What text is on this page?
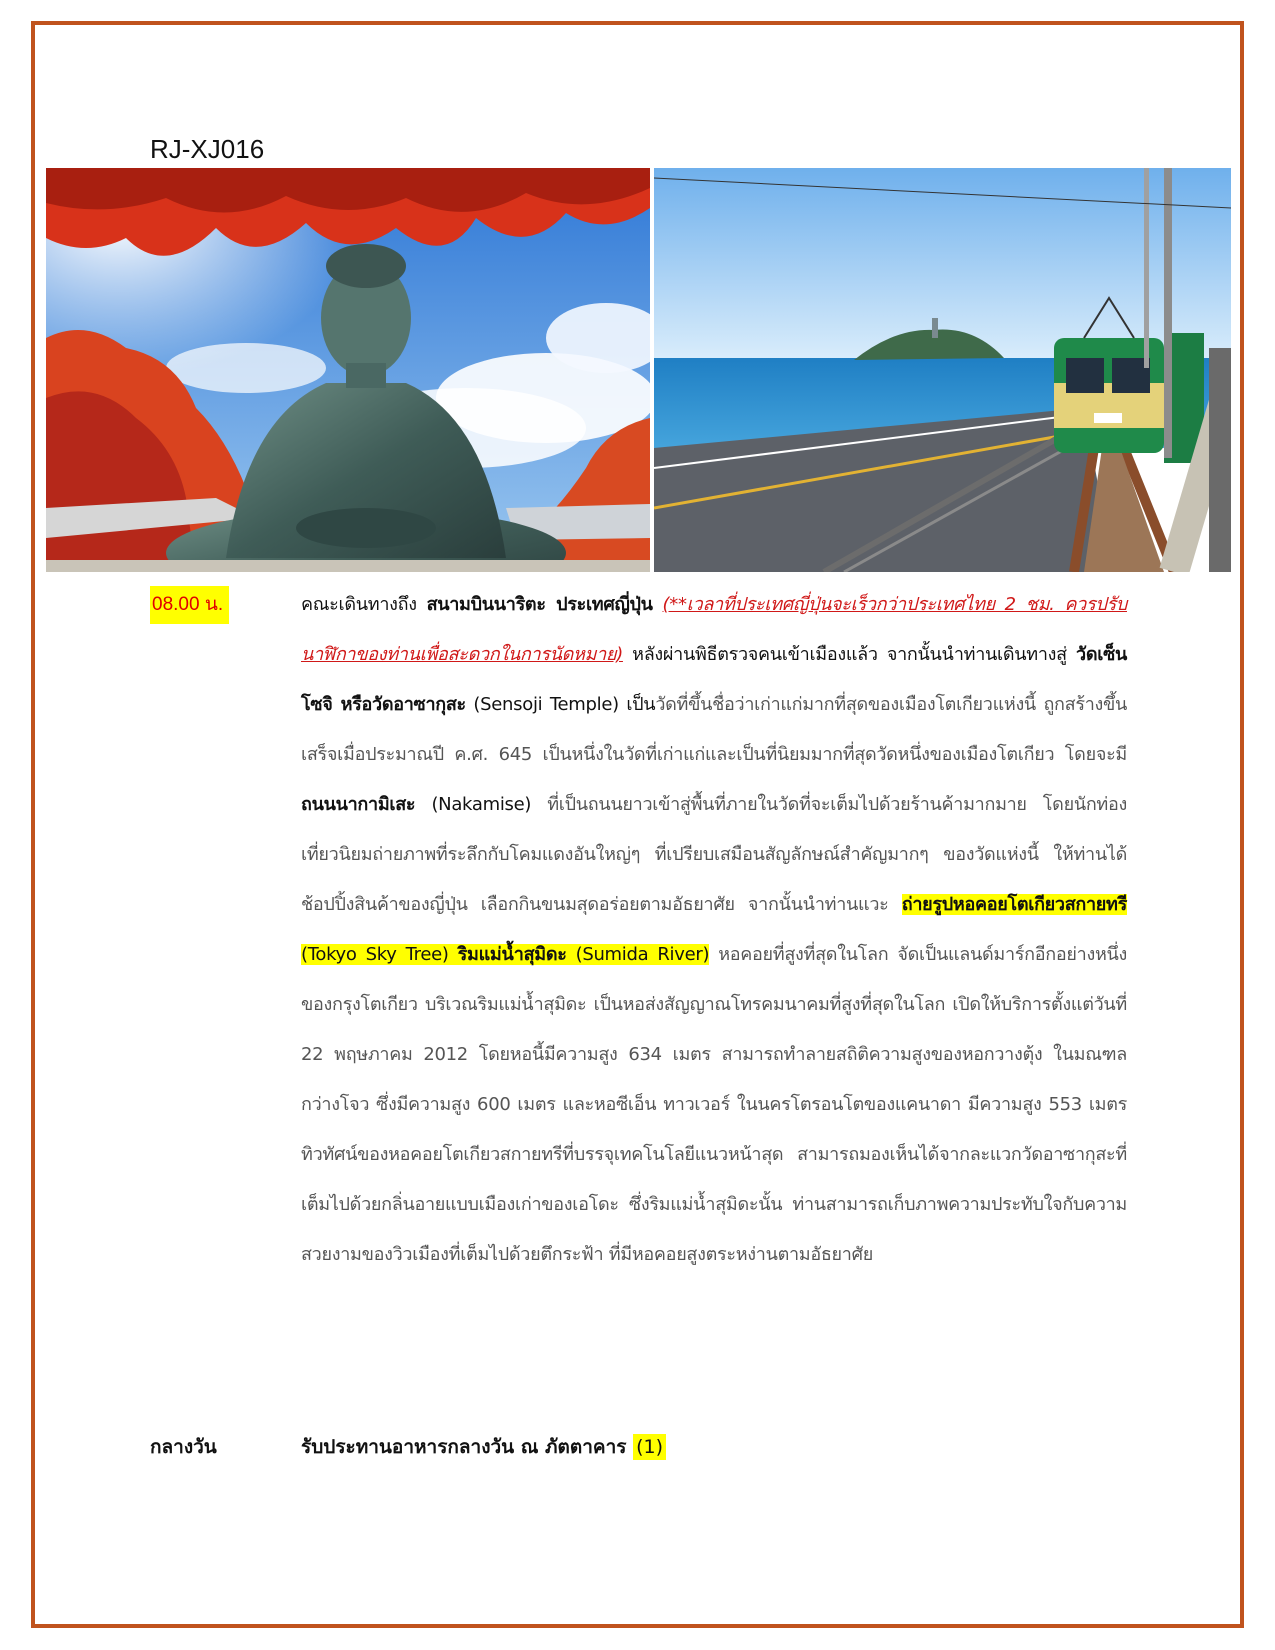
RJ-XJ016
08.00 น.	คณะเดินทางถึง สนามบินนาริตะ ประเทศญี่ปุ่น (**เวลาที่ประเทศญี่ปุ่นจะเร็วกว่าประเทศไทย 2 ชม. ควรปรับนาฬิกาของท่านเพื่อสะดวกในการนัดหมาย) หลังผ่านพิธีตรวจคนเข้าเมืองแล้ว จากนั้นนำท่านเดินทางสู่ วัดเซ็นโซจิ หรือวัดอาซากุสะ (Sensoji Temple) เป็นวัดที่ขึ้นชื่อว่าเก่าแก่มากที่สุดของเมืองโตเกียวแห่งนี้ ถูกสร้างขึ้นเสร็จเมื่อประมาณปี ค.ศ. 645 เป็นหนึ่งในวัดที่เก่าแก่และเป็นที่นิยมมากที่สุดวัดหนึ่งของเมืองโตเกียว โดยจะมี ถนนนากามิเสะ (Nakamise) ที่เป็นถนนยาวเข้าสู่พื้นที่ภายในวัดที่จะเต็มไปด้วยร้านค้ามากมาย โดยนักท่องเที่ยวนิยมถ่ายภาพที่ระลึกกับโคมแดงอันใหญ่ๆ ที่เปรียบเสมือนสัญลักษณ์สำคัญมากๆ ของวัดแห่งนี้ ให้ท่านได้ช้อปปิ้งสินค้าของญี่ปุ่น เลือกกินขนมสุดอร่อยตามอัธยาศัย จากนั้นนำท่านแวะ ถ่ายรูปหอคอยโตเกียวสกายทรี (Tokyo Sky Tree) ริมแม่น้ำสุมิดะ (Sumida River) หอคอยที่สูงที่สุดในโลก จัดเป็นแลนด์มาร์กอีกอย่างหนึ่งของกรุงโตเกียว บริเวณริมแม่น้ำสุมิดะ เป็นหอส่งสัญญาณโทรคมนาคมที่สูงที่สุดในโลก เปิดให้บริการตั้งแต่วันที่ 22 พฤษภาคม 2012 โดยหอนี้มีความสูง 634 เมตร สามารถทำลายสถิติความสูงของหอกวางตุ้ง ในมณฑลกว่างโจว ซึ่งมีความสูง 600 เมตร และหอซีเอ็น ทาวเวอร์ ในนครโตรอนโตของแคนาดา มีความสูง 553 เมตร ทิวทัศน์ของหอคอยโตเกียวสกายทรีที่บรรจุเทคโนโลยีแนวหน้าสุด สามารถมองเห็นได้จากละแวกวัดอาซากุสะที่เต็มไปด้วยกลิ่นอายแบบเมืองเก่าของเอโดะ ซึ่งริมแม่น้ำสุมิดะนั้น ท่านสามารถเก็บภาพความประทับใจกับความสวยงามของวิวเมืองที่เต็มไปด้วยตึกระฟ้า ที่มีหอคอยสูงตระหง่านตามอัธยาศัย
กลางวัน	รับประทานอาหารกลางวัน ณ ภัตตาคาร (1)
